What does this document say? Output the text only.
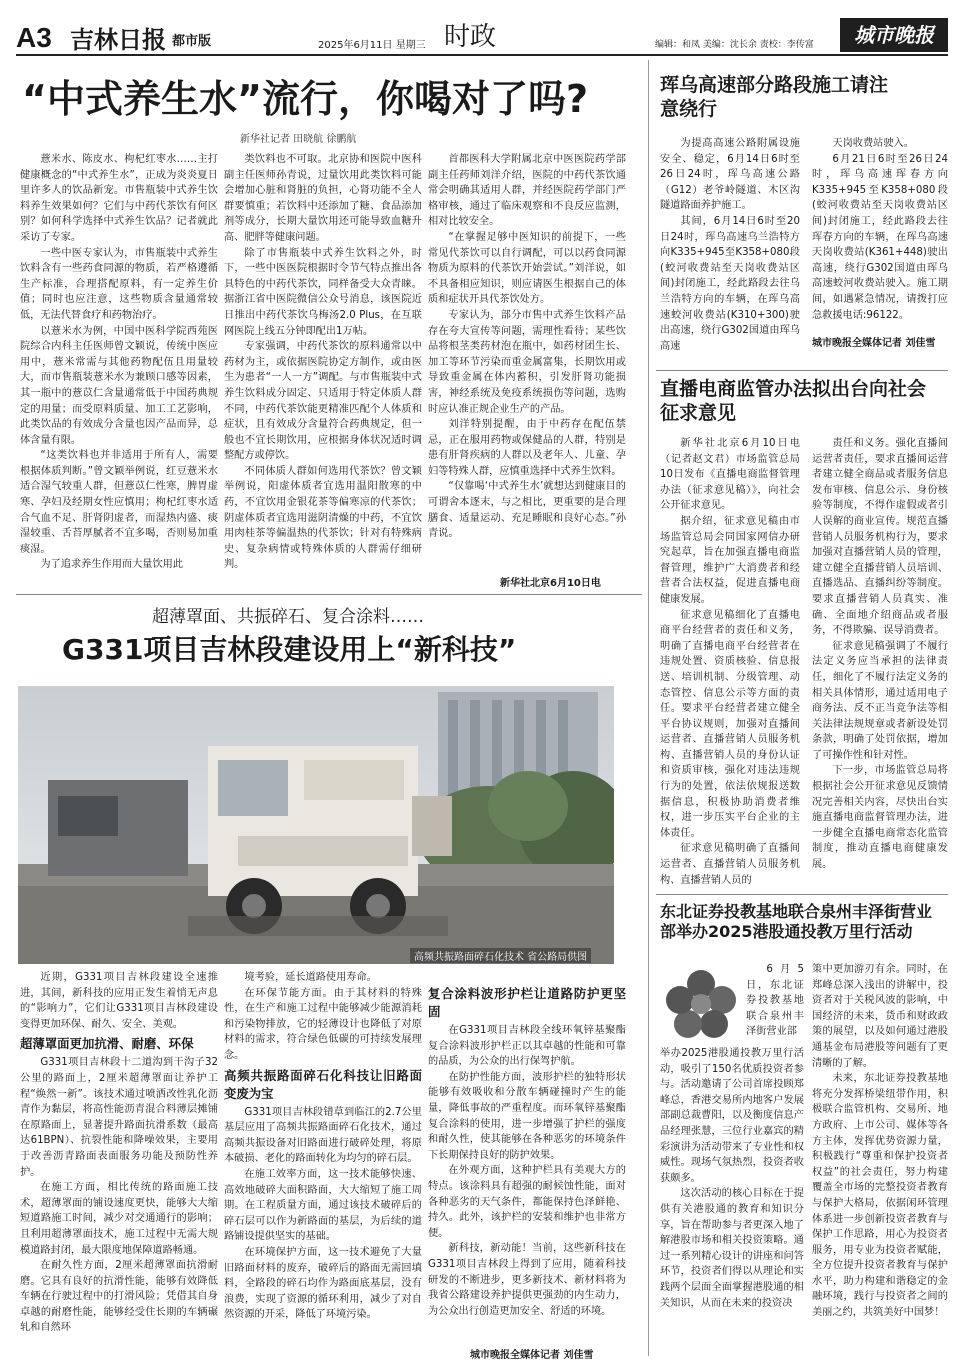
A3 吉林日报 都市版	2025年6月11日 星期三 时政	编辑：和凤 美编：沈长余 责校：李传富	城市晚报
“中式养生水”流行，你喝对了吗?
新华社记者 田晓航 徐鹏航

薏米水、陈皮水、枸杞红枣水……主打健康概念的“中式养生水”，正成为炎炎夏日里许多人的饮品新宠。市售瓶装中式养生饮料养生效果如何？它们与中药代茶饮有何区别？如何科学选择中式养生饮品？记者就此采访了专家。

一些中医专家认为，市售瓶装中式养生饮料含有一些药食同源的物质，若严格遵循生产标准，合理搭配原料，有一定养生价值；同时也应注意，这些物质含量通常较低，无法代替食疗和药物治疗。

以薏米水为例，中国中医科学院西苑医院综合内科主任医师曾文颖说，传统中医应用中，薏米常需与其他药物配伍且用量较大，而市售瓶装薏米水为兼顾口感等因素，其一瓶中的薏苡仁含量通常低于中国药典规定的用量；而受原料质量、加工工艺影响，此类饮品的有效成分含量也因产品而异，总体含量有限。

“这类饮料也并非适用于所有人，需要根据体质判断。”曾文颖举例说，红豆薏米水适合湿气较重人群，但薏苡仁性寒，脾胃虚寒、孕妇及经期女性应慎用；枸杞红枣水适合气血不足、肝肾阴虚者，而湿热内盛、痰湿较重、舌苔厚腻者不宜多喝，否则易加重痰湿。

为了追求养生作用而大量饮用此

类饮料也不可取。北京协和医院中医科副主任医师孙青说，过量饮用此类饮料可能会增加心脏和肾脏的负担，心肾功能不全人群要慎重；若饮料中还添加了糖、食品添加剂等成分，长期大量饮用还可能导致血糖升高、肥胖等健康问题。

除了市售瓶装中式养生饮料之外，时下，一些中医医院根据时令节气特点推出各具特色的中药代茶饮，同样备受大众青睐。据浙江省中医院微信公众号消息，该医院近日推出中药代茶饮乌梅汤2.0 Plus，在互联网医院上线五分钟即配出1万帖。

专家强调，中药代茶饮的原料通常以中药材为主，或依据医院协定方制作，或由医生为患者“一人一方”调配。与市售瓶装中式养生饮料成分固定、只适用于特定体质人群不同，中药代茶饮能更精准匹配个人体质和症状，且有效成分含量符合药典规定，但一般也不宜长期饮用，应根据身体状况适时调整配方或停饮。

不同体质人群如何选用代茶饮？曾文颖举例说，阳虚体质者宜选用温阳散寒的中药，不宜饮用金银花茶等偏寒凉的代茶饮；阴虚体质者宜选用滋阴清燥的中药，不宜饮用肉桂茶等偏温热的代茶饮；针对有特殊病史、复杂病情或特殊体质的人群需仔细研判。

首都医科大学附属北京中医医院药学部副主任药师刘洋介绍，医院的中药代茶饮通常会明确其适用人群，并经医院药学部门严格审核，通过了临床观察和不良反应监测，相对比较安全。

“在掌握足够中医知识的前提下，一些常见代茶饮可以自行调配，可以以药食同源物质为原料的代茶饮开始尝试。”刘洋说，如不具备相应知识，则应请医生根据自己的体质和症状开具代茶饮处方。

专家认为，部分市售中式养生饮料产品存在夸大宣传等问题，需理性看待；某些饮品将根茎类药材泡在瓶中，如药材团生长、加工等环节污染而重金属富集，长期饮用或导致重金属在体内蓄积，引发肝肾功能损害，神经系统及免疫系统损伤等问题，选购时应认准正规企业生产的产品。

刘洋特别提醒，由于中药存在配伍禁忌，正在服用药物或保健品的人群，特别是患有肝肾疾病的人群以及老年人、儿童、孕妇等特殊人群，应慎重选择中式养生饮料。

“仅靠喝‘中式养生水’就想达到健康目的可谓舍本逐末，与之相比，更重要的是合理膳食、适量运动、充足睡眠和良好心态。”孙青说。

新华社北京6月10日电
超薄罩面、共振碎石、复合涂料……
G331项目吉林段建设用上“新科技”
高频共振路面碎石化技术 省公路局供图

近期，G331项目吉林段建设全速推进，其间，新科技的应用正发生着悄无声息的“影响力”，它们让G331项目吉林段建设变得更加环保、耐久、安全、美观。

超薄罩面更加抗滑、耐磨、环保

G331项目吉林段十二道沟到干沟子32公里的路面上，2厘米超薄罩面让养护工程“焕然一新”。该技术通过喷洒改性乳化沥青作为黏层，将高性能沥青混合料薄层摊铺在原路面上，显著提升路面抗滑系数（最高达61BPN）、抗裂性能和降噪效果，主要用于改善沥青路面表面服务功能及预防性养护。

在施工方面，相比传统的路面施工技术，超薄罩面的铺设速度更快，能够大大缩短道路施工时间，减少对交通通行的影响；且利用超薄罩面技术，施工过程中无需大规模道路封闭，最大限度地保障道路畅通。

在耐久性方面，2厘米超薄罩面抗滑耐磨。它具有良好的抗滑性能，能够有效降低车辆在行驶过程中的打滑风险；凭借其自身卓越的耐磨性能，能够经受住长期的车辆碾轧和自然环

境考验，延长道路使用寿命。

在环保节能方面。由于其材料的特殊性，在生产和施工过程中能够减少能源消耗和污染物排放，它的轻薄设计也降低了对原材料的需求，符合绿色低碳的可持续发展理念。

高频共振路面碎石化科技让旧路面变废为宝

G331项目吉林段错草到临江的2.7公里基层应用了高频共振路面碎石化技术，通过高频共振设备对旧路面进行破碎处理，将原本破损、老化的路面转化为均匀的碎石层。

在施工效率方面，这一技术能够快速、高效地破碎大面积路面，大大缩短了施工周期。在工程质量方面，通过该技术破碎后的碎石层可以作为新路面的基层，为后续的道路铺设提供坚实的基础。

在环境保护方面，这一技术避免了大量旧路面材料的废弃，破碎后的路面无需回填料，全路段的碎石均作为路面底基层，没有浪费，实现了资源的循环利用，减少了对自然资源的开采，降低了环境污染。

复合涂料波形护栏让道路防护更坚固

在G331项目吉林段全线环氧锌基聚酯复合涂料波形护栏正以其卓越的性能和可靠的品质，为公众的出行保驾护航。

在防护性能方面，波形护栏的独特形状能够有效吸收和分散车辆碰撞时产生的能量，降低事故的严重程度。而环氧锌基聚酯复合涂料的使用，进一步增强了护栏的强度和耐久性，使其能够在各种恶劣的环境条件下长期保持良好的防护效果。

在外观方面，这种护栏具有美观大方的特点。该涂料具有超强的耐候蚀性能，面对各种恶劣的天气条件，都能保持色泽鲜艳、持久。此外，该护栏的安装和维护也非常方便。

新科技，新动能！当前，这些新科技在G331项目吉林段上得到了应用，随着科技研发的不断进步，更多新技术、新材料将为我省公路建设养护提供更强劲的内生动力，为公众出行创造更加安全、舒适的环境。

城市晚报全媒体记者 刘佳雪
珲乌高速部分路段施工请注意绕行

为提高高速公路附属设施安全、稳定，6月14日6时至26日24时，珲乌高速公路（G12）老爷岭隧道、木区沟隧道路面养护施工。

其间，6月14日6时至20日24时，珲乌高速乌兰浩特方向K335+945至K358+080段(蛟河收费站至天岗收费站区间)封闭施工，经此路段去往乌兰浩特方向的车辆，在珲乌高速蛟河收费站(K310+300)驶出高速，绕行G302国道由珲乌高速

天岗收费站驶入。

6月21日6时至26日24时，珲乌高速珲春方向K335+945至K358+080段(蛟河收费站至天岗收费站区间)封闭施工，经此路段去往珲春方向的车辆，在珲乌高速天岗收费站(K361+448)驶出高速，绕行G302国道由珲乌高速蛟河收费站驶入。施工期间，如遇紧急情况，请拨打应急救援电话:96122。

城市晚报全媒体记者 刘佳雪
直播电商监管办法拟出台向社会征求意见

新华社北京6月10日电（记者赵文君）市场监管总局10日发布《直播电商监督管理办法（征求意见稿）》，向社会公开征求意见。

据介绍，征求意见稿由市场监管总局会同国家网信办研究起草，旨在加强直播电商监督管理，维护广大消费者和经营者合法权益，促进直播电商健康发展。

征求意见稿细化了直播电商平台经营者的责任和义务，明确了直播电商平台经营者在违规处置、资质核验、信息报送、培训机制、分级管理、动态管控、信息公示等方面的责任。要求平台经营者建立健全平台协议规则，加强对直播间运营者、直播营销人员服务机构、直播营销人员的身份认证和资质审核，强化对违法违规行为的处置，依法依规报送数据信息，积极协助消费者维权，进一步压实平台企业的主体责任。

征求意见稿明确了直播间运营者、直播营销人员服务机构、直播营销人员的

责任和义务。强化直播间运营者责任，要求直播间运营者建立健全商品或者服务信息发布审核、信息公示、身份核验等制度，不得作虚假或者引人误解的商业宣传。规范直播营销人员服务机构行为，要求加强对直播营销人员的管理，建立健全直播营销人员培训、直播选品、直播纠纷等制度。要求直播营销人员真实、准确、全面地介绍商品或者服务，不得欺骗、误导消费者。

征求意见稿强调了不履行法定义务应当承担的法律责任，细化了不履行法定义务的相关具体情形，通过适用电子商务法、反不正当竞争法等相关法律法规规章或者新设处罚条款，明确了处罚依据，增加了可操作性和针对性。

下一步，市场监管总局将根据社会公开征求意见反馈情况完善相关内容，尽快出台实施直播电商监督管理办法，进一步健全直播电商常态化监管制度，推动直播电商健康发展。

东北证券投教基地联合泉州丰泽街营业部举办2025港股通投教万里行活动

6月5日，东北证券投教基地联合泉州丰泽街营业部

举办2025港股通投教万里行活动，吸引了150名优质投资者参与。活动邀请了公司首席投顾郑峰总，香港交易所内地客户发展部副总裁曹阳，以及衡度信息产品经理张慧，三位行业嘉宾的精彩演讲为活动带来了专业性和权威性。现场气氛热烈，投资者收获颇多。

这次活动的核心目标在于提供有关港股通的教育和知识分享，旨在帮助参与者更深入地了解港股市场和相关投资策略。通过一系列精心设计的讲座和问答环节，投资者们得以从理论和实践两个层面全面掌握港股通的相关知识，从而在未来的投资决

策中更加游刃有余。同时，在郑峰总深入浅出的讲解中，投资者对于关税风波的影响，中国经济的未来，货币和财政政策的展望，以及如何通过港股通基金布局港股等问题有了更清晰的了解。

未来，东北证券投教基地将充分发挥桥梁纽带作用，积极联合监管机构、交易所、地方政府、上市公司、媒体等各方主体，发挥优势资源力量，积极践行“尊重和保护投资者权益”的社会责任，努力构建覆盖全市场的完整投资者教育与保护大格局，依据闲环管理体系进一步创新投资者教育与保护工作思路，用心为投资者服务，用专业为投资者赋能，全方位提升投资者教育与保护水平，助力构建和谐稳定的金融环境，践行与投资者之间的美丽之约，共筑美好中国梦！
